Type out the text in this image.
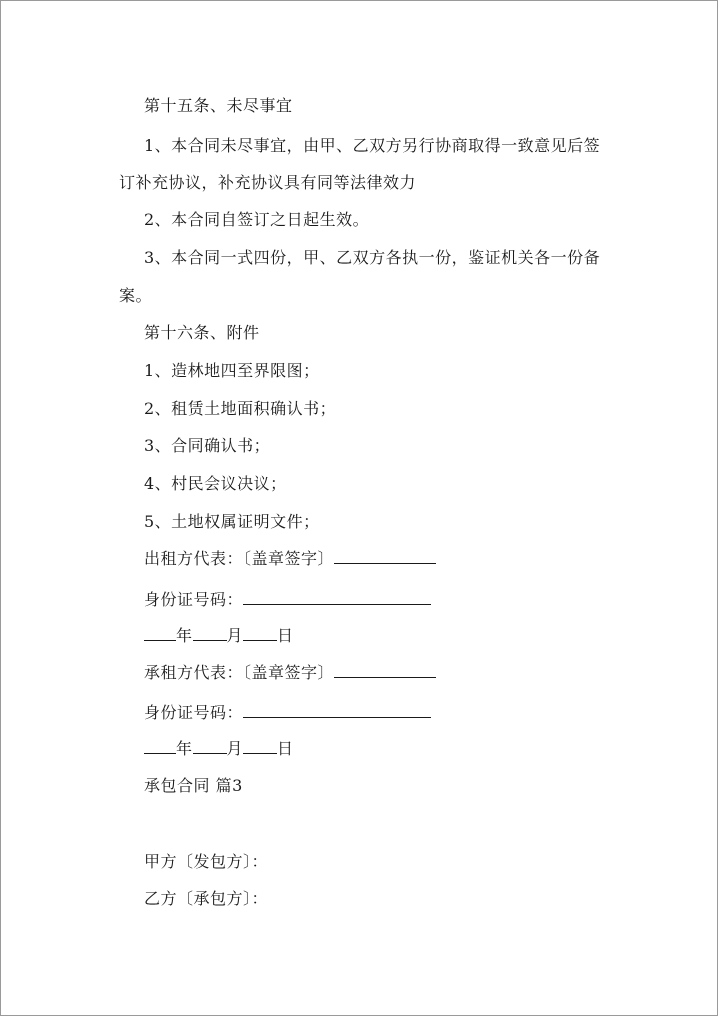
第十五条、未尽事宜
1、本合同未尽事宜，由甲、乙双方另行协商取得一致意见后签
订补充协议，补充协议具有同等法律效力
2、本合同自签订之日起生效。
3、本合同一式四份，甲、乙双方各执一份，鉴证机关各一份备
案。
第十六条、附件
1、造林地四至界限图；
2、租赁土地面积确认书；
3、合同确认书；
4、村民会议决议；
5、土地权属证明文件；
出租方代表：〔盖章签字〕
身份证号码：
年 月 日
承租方代表：〔盖章签字〕
身份证号码：
年 月 日
承包合同 篇3
甲方〔发包方〕：
乙方〔承包方〕：
